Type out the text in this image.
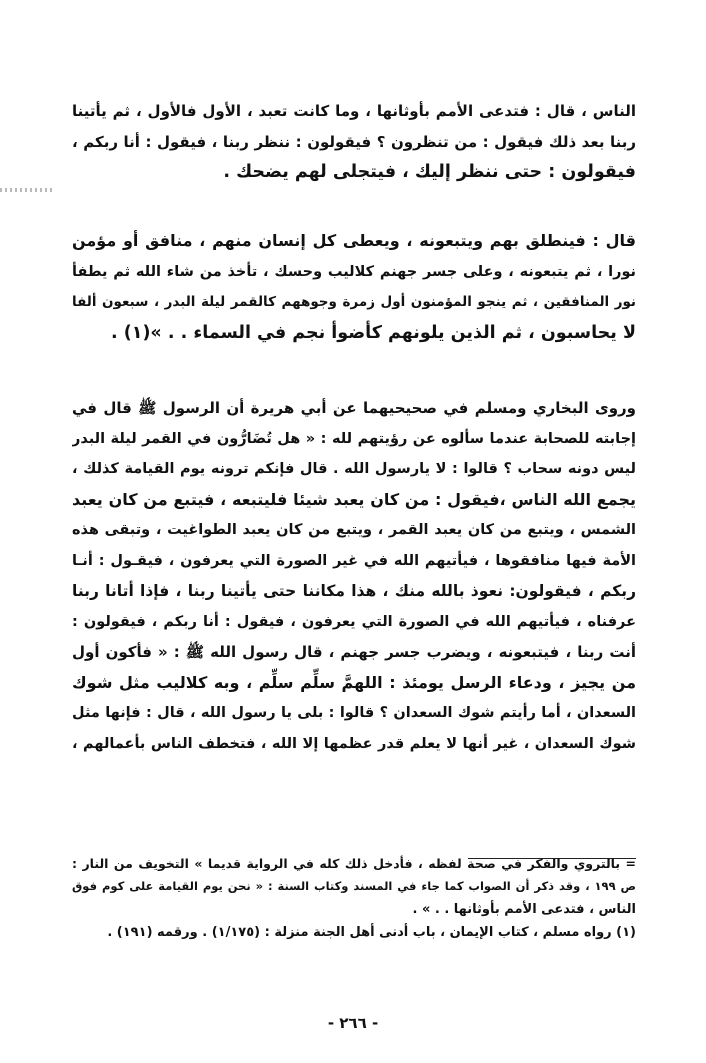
الناس ، قال : فتدعى الأمم بأوثانها ، وما كانت تعبد ، الأول فالأول ، ثم يأتينا
ربنا بعد ذلك فيقول : من تنظرون ؟ فيقولون : ننظر ربنا ، فيقول : أنا ربكم ،
فيقولون : حتى ننظر إليك ، فيتجلى لهم يضحك .
قال : فينطلق بهم ويتبعونه ، ويعطى كل إنسان منهم ، منافق أو مؤمن
نورا ، ثم يتبعونه ، وعلى جسر جهنم كلاليب وحسك ، تأخذ من شاء الله ثم يطفأ
نور المنافقين ، ثم ينجو المؤمنون أول زمرة وجوههم كالقمر ليلة البدر ، سبعون ألفا
لا يحاسبون ، ثم الذين يلونهم كأضوأ نجم في السماء . . »(١) .
وروى البخاري ومسلم في صحيحيهما عن أبي هريرة أن الرسول ﷺ قال في
إجابته للصحابة عندما سألوه عن رؤيتهم لله : « هل تُضَارُّون في القمر ليلة البدر
ليس دونه سحاب ؟ قالوا : لا يارسول الله . قال فإنكم ترونه يوم القيامة كذلك ،
يجمع الله الناس ،فيقول : من كان يعبد شيئا فليتبعه ، فيتبع من كان يعبد
الشمس ، ويتبع من كان يعبد القمر ، ويتبع من كان يعبد الطواغيت ، وتبقى هذه
الأمة فيها منافقوها ، فيأتيهم الله في غير الصورة التي يعرفون ، فيقـول : أنـا
ربكم ، فيقولون: نعوذ بالله منك ، هذا مكاننا حتى يأتينا ربنا ، فإذا أتانا ربنا
عرفناه ، فيأتيهم الله في الصورة التي يعرفون ، فيقول : أنا ربكم ، فيقولون :
أنت ربنا ، فيتبعونه ، ويضرب جسر جهنم ، قال رسول الله ﷺ : « فأكون أول
من يجيز ، ودعاء الرسل يومئذ : اللهمَّ سلِّم سلِّم ، وبه كلاليب مثل شوك
السعدان ، أما رأيتم شوك السعدان ؟ قالوا : بلى يا رسول الله ، قال : فإنها مثل
شوك السعدان ، غير أنها لا يعلم قدر عظمها إلا الله ، فتخطف الناس بأعمالهم ،
= بالتروي والفكر في صحة لفظه ، فأدخل ذلك كله في الرواية قديما » التخويف من النار :
ص ١٩٩ ، وقد ذكر أن الصواب كما جاء في المسند وكتاب السنة : « نحن يوم القيامة على كوم فوق
الناس ، فتدعى الأمم بأوثانها . . » .
(١) رواه مسلم ، كتاب الإيمان ، باب أدنى أهل الجنة منزلة : (١/١٧٥) . ورقمه (١٩١) .
- ٢٦٦ -
